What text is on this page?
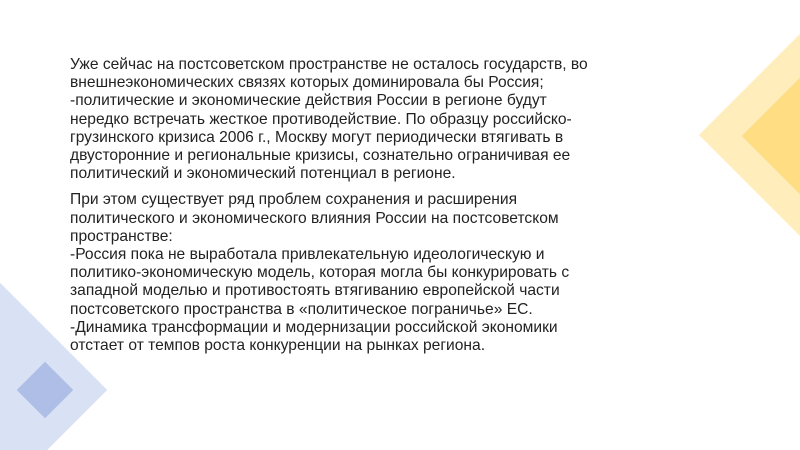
Уже сейчас на постсоветском пространстве не осталось государств, во
внешнеэкономических связях которых доминировала бы Россия;
-политические и экономические действия России в регионе будут
нередко встречать жесткое противодействие. По образцу российско-
грузинского кризиса 2006 г., Москву могут периодически втягивать в
двусторонние и региональные кризисы, сознательно ограничивая ее
политический и экономический потенциал в регионе.

При этом существует ряд проблем сохранения и расширения
политического и экономического влияния России на постсоветском
пространстве:
-Россия пока не выработала привлекательную идеологическую и
политико-экономическую модель, которая могла бы конкурировать с
западной моделью и противостоять втягиванию европейской части
постсоветского пространства в «политическое пограничье» ЕС.
-Динамика трансформации и модернизации российской экономики
отстает от темпов роста конкуренции на рынках региона.
